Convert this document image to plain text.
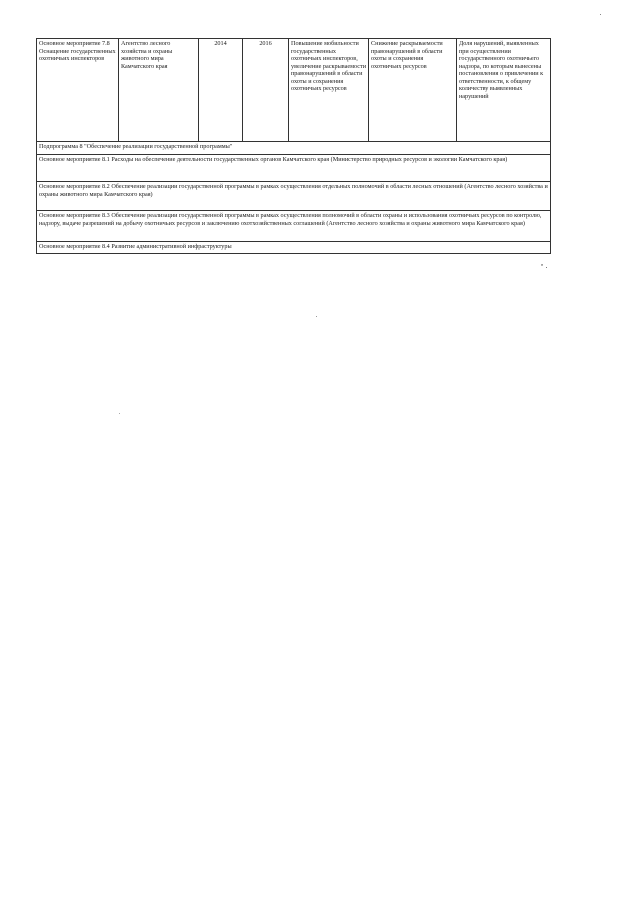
Основное мероприятие 7.8 Оснащение государственных охотничьих инспекторов	Агентство лесного хозяйства и охраны животного мира Камчатского края	2014	2016	Повышение мобильности государственных охотничьих инспекторов, увеличение раскрываемости правонарушений в области охоты и сохранения охотничьих ресурсов	Снижение раскрываемости правонарушений в области охоты и сохранения охотничьих ресурсов	Доля нарушений, выявленных при осуществлении государственного охотничьего надзора, по которым вынесены постановления о привлечении к ответственности, к общему количеству выявленных нарушений
Подпрограмма 8 "Обеспечение реализации государственной программы"
Основное мероприятие 8.1 Расходы на обеспечение деятельности государственных органов Камчатского края (Министерство природных ресурсов и экологии Камчатского края)
Основное мероприятие 8.2 Обеспечение реализации государственной программы в рамках осуществления отдельных полномочий в области лесных отношений (Агентство лесного хозяйства и охраны животного мира Камчатского края)
Основное мероприятие 8.3 Обеспечение реализации государственной программы в рамках осуществления полномочий в области охраны и использования охотничьих ресурсов по контролю, надзору, выдаче разрешений на добычу охотничьих ресурсов и заключению охотхозяйственных соглашений (Агентство лесного хозяйства и охраны животного мира Камчатского края)
Основное мероприятие 8.4 Развитие административной инфраструктуры
п
